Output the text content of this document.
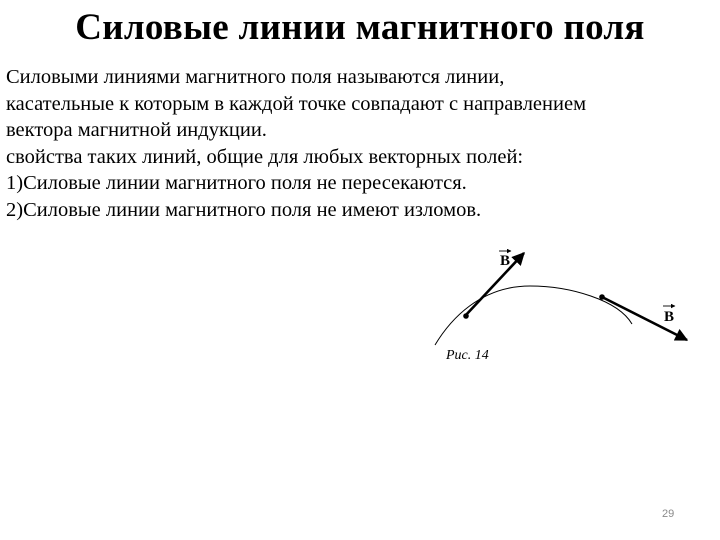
Силовые линии магнитного поля
Силовыми линиями магнитного поля называются линии,
касательные к которым в каждой точке совпадают с направлением
вектора магнитной индукции.
свойства таких линий, общие для любых векторных полей:
1)Силовые линии магнитного поля не пересекаются.
2)Силовые линии магнитного поля не имеют изломов.
B
B
Рис. 14
29
